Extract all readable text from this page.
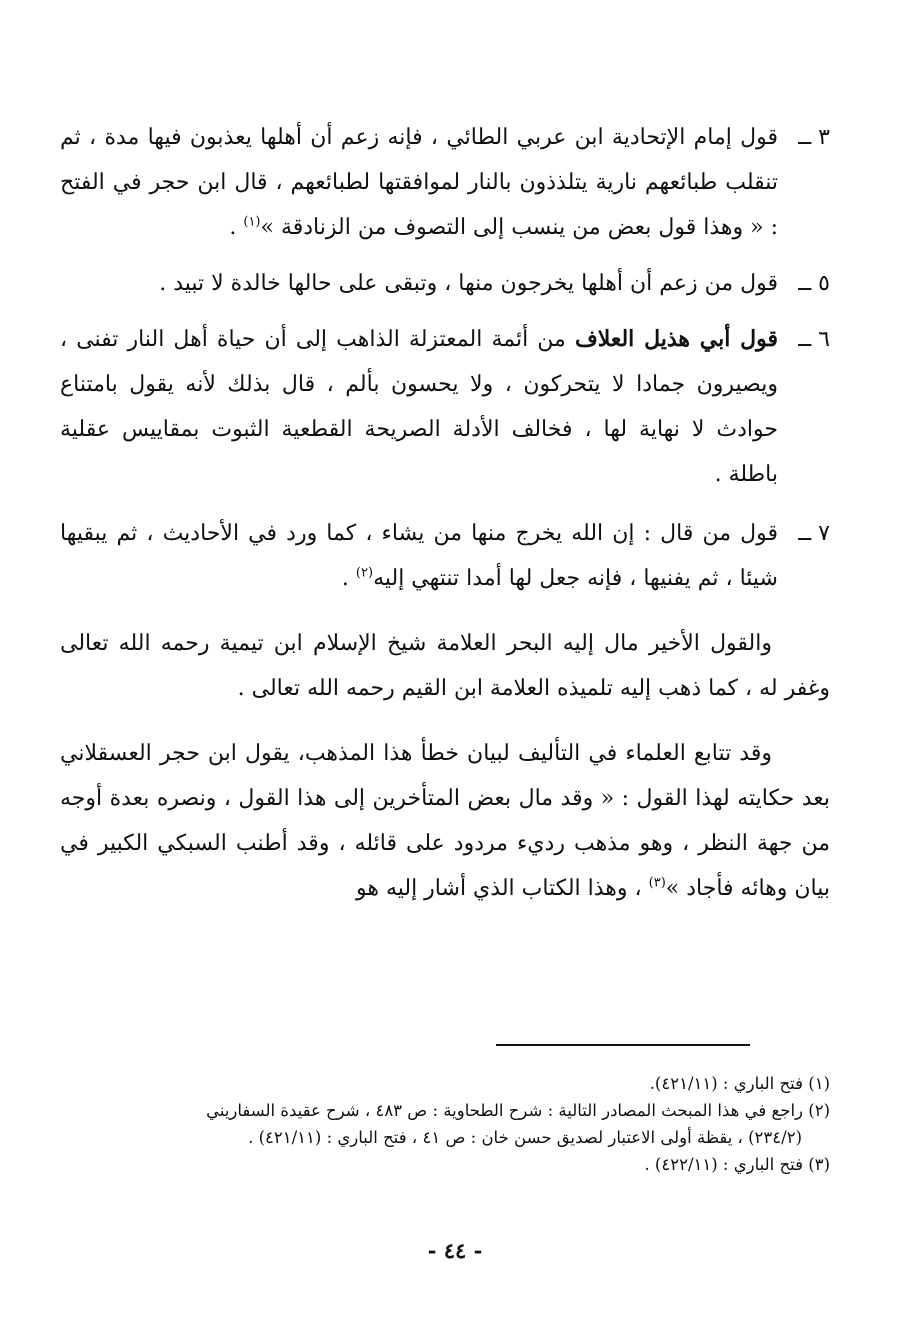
٣ ــ
قول إمام الإتحادية ابن عربي الطائي ، فإنه زعم أن أهلها يعذبون فيها مدة ، ثم تنقلب طبائعهم نارية يتلذذون بالنار لموافقتها لطبائعهم ، قال ابن حجر في الفتح : « وهذا قول بعض من ينسب إلى التصوف من الزنادقة »$^{(١)}$ .

٥ ــ
قول من زعم أن أهلها يخرجون منها ، وتبقى على حالها خالدة لا تبيد .

٦ ــ
قول أبي هذيل العلاف من أئمة المعتزلة الذاهب إلى أن حياة أهل النار تفنى ، ويصيرون جمادا لا يتحركون ، ولا يحسون بألم ، قال بذلك لأنه يقول بامتناع حوادث لا نهاية لها ، فخالف الأدلة الصريحة القطعية الثبوت بمقاييس عقلية باطلة .

٧ ــ
قول من قال : إن الله يخرج منها من يشاء ، كما ورد في الأحاديث ، ثم يبقيها شيئا ، ثم يفنيها ، فإنه جعل لها أمدا تنتهي إليه$^{(٢)}$ .

والقول الأخير مال إليه البحر العلامة شيخ الإسلام ابن تيمية رحمه الله تعالى وغفر له ، كما ذهب إليه تلميذه العلامة ابن القيم رحمه الله تعالى .

وقد تتابع العلماء في التأليف لبيان خطأ هذا المذهب، يقول ابن حجر العسقلاني بعد حكايته لهذا القول : « وقد مال بعض المتأخرين إلى هذا القول ، ونصره بعدة أوجه من جهة النظر ، وهو مذهب رديء مردود على قائله ، وقد أطنب السبكي الكبير في بيان وهائه فأجاد »$^{(٣)}$ ، وهذا الكتاب الذي أشار إليه هو

(١) فتح الباري : (٤٢١/١١).

(٢) راجع في هذا المبحث المصادر التالية : شرح الطحاوية : ص ٤٨٣ ، شرح عقيدة السفاريني

(٢٣٤/٢) ، يقظة أولى الاعتبار لصديق حسن خان : ص ٤١ ، فتح الباري : (٤٢١/١١) .

(٣) فتح الباري : (٤٢٢/١١) .

- ٤٤ -
